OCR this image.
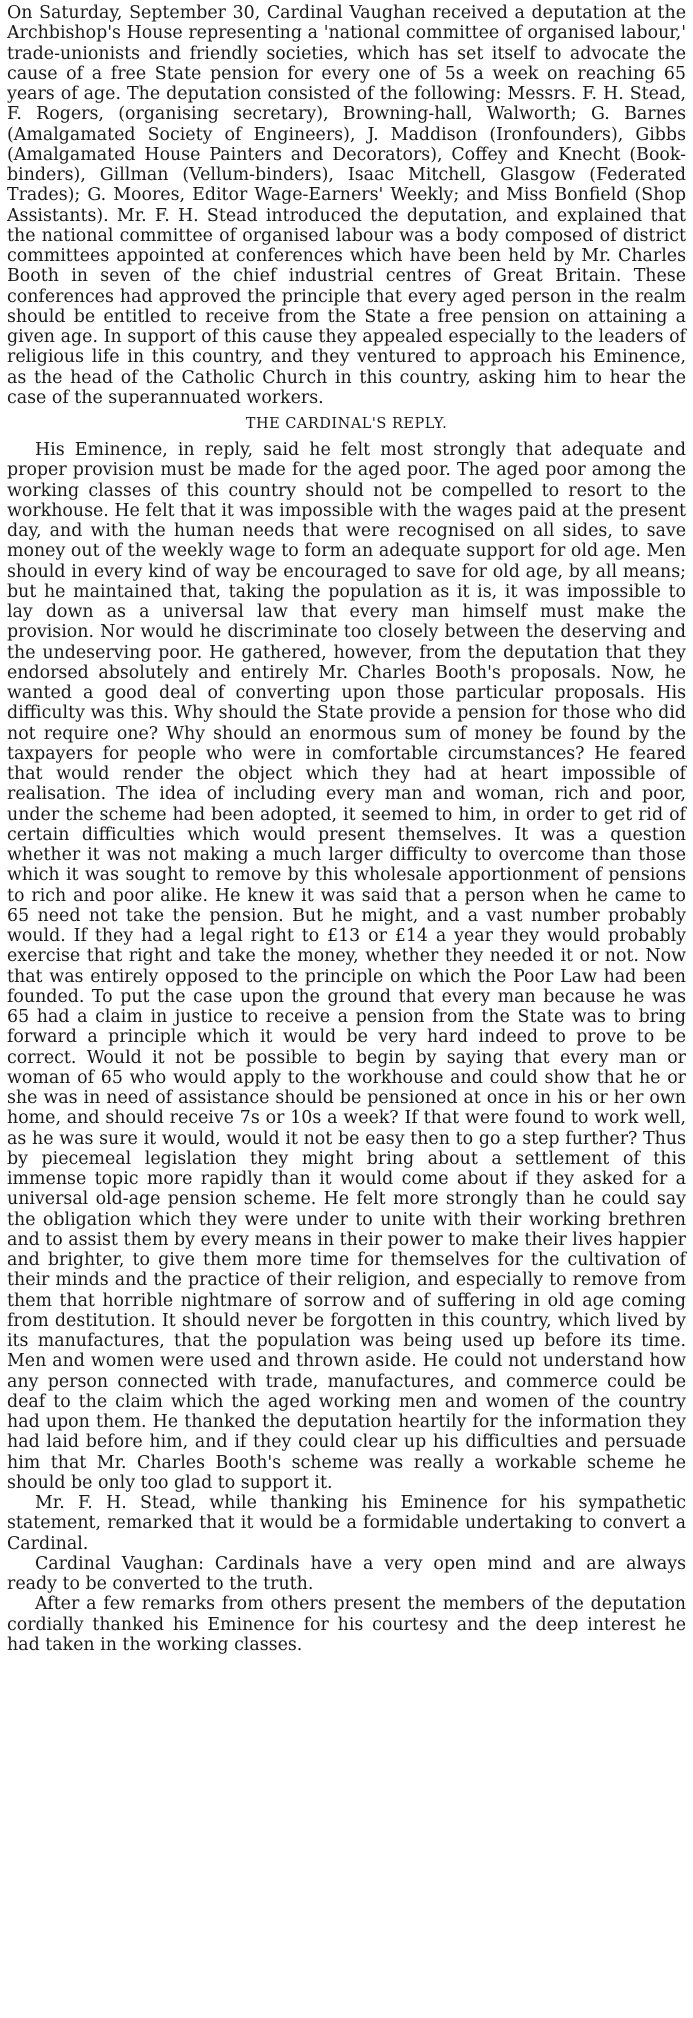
On Saturday, September 30, Cardinal Vaughan received a deputation at the Archbishop's House representing a 'national committee of organised labour,' trade-unionists and friendly societies, which has set itself to advocate the cause of a free State pension for every one of 5s a week on reaching 65 years of age. The deputation consisted of the following: Messrs. F. H. Stead, F. Rogers, (organising secretary), Browning-hall, Walworth; G. Barnes (Amalgamated Society of Engineers), J. Maddison (Ironfounders), Gibbs (Amalgamated House Painters and Decorators), Coffey and Knecht (Book-binders), Gillman (Vellum-binders), Isaac Mitchell, Glasgow (Federated Trades); G. Moores, Editor Wage-Earners' Weekly; and Miss Bonfield (Shop Assistants). Mr. F. H. Stead introduced the deputation, and explained that the national committee of organised labour was a body composed of district committees appointed at conferences which have been held by Mr. Charles Booth in seven of the chief industrial centres of Great Britain. These conferences had approved the principle that every aged person in the realm should be entitled to receive from the State a free pension on attaining a given age. In support of this cause they appealed especially to the leaders of religious life in this country, and they ventured to approach his Eminence, as the head of the Catholic Church in this country, asking him to hear the case of the superannuated workers.

THE CARDINAL'S REPLY.

His Eminence, in reply, said he felt most strongly that adequate and proper provision must be made for the aged poor. The aged poor among the working classes of this country should not be compelled to resort to the workhouse. He felt that it was impossible with the wages paid at the present day, and with the human needs that were recognised on all sides, to save money out of the weekly wage to form an adequate support for old age. Men should in every kind of way be encouraged to save for old age, by all means; but he maintained that, taking the population as it is, it was impossible to lay down as a universal law that every man himself must make the provision. Nor would he discriminate too closely between the deserving and the undeserving poor. He gathered, however, from the deputation that they endorsed absolutely and entirely Mr. Charles Booth's proposals. Now, he wanted a good deal of converting upon those particular proposals. His difficulty was this. Why should the State provide a pension for those who did not require one? Why should an enormous sum of money be found by the taxpayers for people who were in comfortable circumstances? He feared that would render the object which they had at heart impossible of realisation. The idea of including every man and woman, rich and poor, under the scheme had been adopted, it seemed to him, in order to get rid of certain difficulties which would present themselves. It was a question whether it was not making a much larger difficulty to overcome than those which it was sought to remove by this wholesale apportionment of pensions to rich and poor alike. He knew it was said that a person when he came to 65 need not take the pension. But he might, and a vast number probably would. If they had a legal right to £13 or £14 a year they would probably exercise that right and take the money, whether they needed it or not. Now that was entirely opposed to the principle on which the Poor Law had been founded. To put the case upon the ground that every man because he was 65 had a claim in justice to receive a pension from the State was to bring forward a principle which it would be very hard indeed to prove to be correct. Would it not be possible to begin by saying that every man or woman of 65 who would apply to the workhouse and could show that he or she was in need of assistance should be pensioned at once in his or her own home, and should receive 7s or 10s a week? If that were found to work well, as he was sure it would, would it not be easy then to go a step further? Thus by piecemeal legislation they might bring about a settlement of this immense topic more rapidly than it would come about if they asked for a universal old-age pension scheme. He felt more strongly than he could say the obligation which they were under to unite with their working brethren and to assist them by every means in their power to make their lives happier and brighter, to give them more time for themselves for the cultivation of their minds and the practice of their religion, and especially to remove from them that horrible nightmare of sorrow and of suffering in old age coming from destitution. It should never be forgotten in this country, which lived by its manufactures, that the population was being used up before its time. Men and women were used and thrown aside. He could not understand how any person connected with trade, manufactures, and commerce could be deaf to the claim which the aged working men and women of the country had upon them. He thanked the deputation heartily for the information they had laid before him, and if they could clear up his difficulties and persuade him that Mr. Charles Booth's scheme was really a workable scheme he should be only too glad to support it.

Mr. F. H. Stead, while thanking his Eminence for his sympathetic statement, remarked that it would be a formidable undertaking to convert a Cardinal.

Cardinal Vaughan: Cardinals have a very open mind and are always ready to be converted to the truth.

After a few remarks from others present the members of the deputation cordially thanked his Eminence for his courtesy and the deep interest he had taken in the working classes.
